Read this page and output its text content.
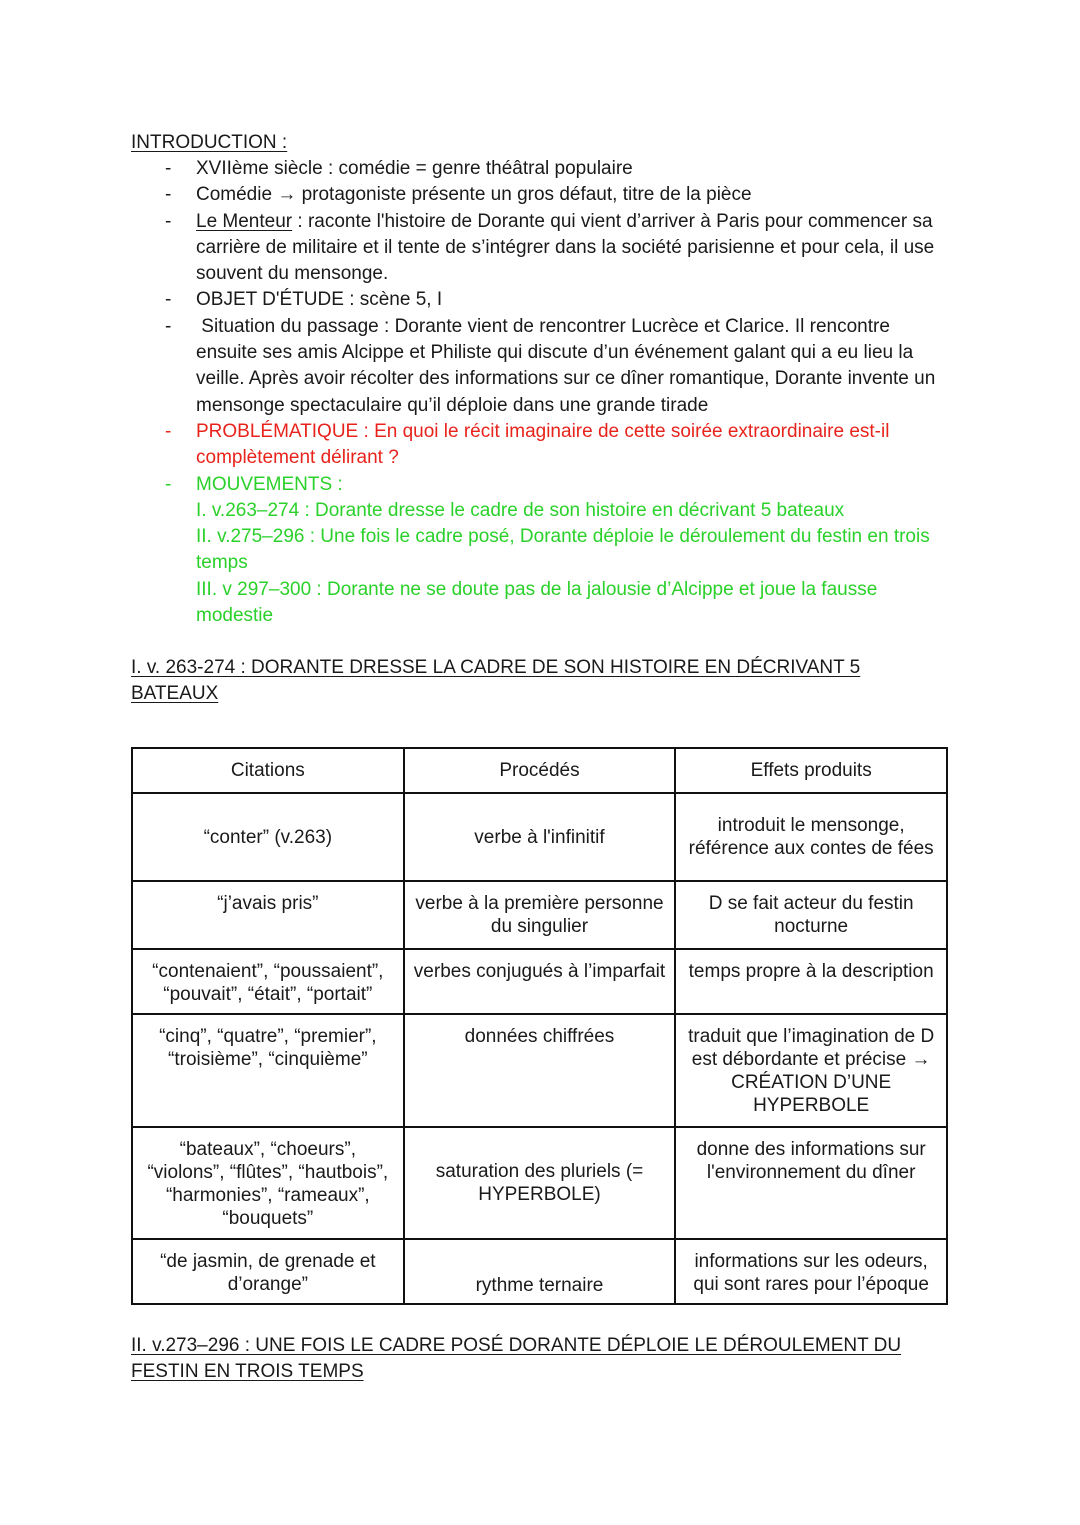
INTRODUCTION :

- XVIIème siècle : comédie = genre théâtral populaire
- Comédie → protagoniste présente un gros défaut, titre de la pièce
- Le Menteur : raconte l'histoire de Dorante qui vient d’arriver à Paris pour commencer sa carrière de militaire et il tente de s’intégrer dans la société parisienne et pour cela, il use souvent du mensonge.
- OBJET D'ÉTUDE : scène 5, I
- Situation du passage : Dorante vient de rencontrer Lucrèce et Clarice. Il rencontre ensuite ses amis Alcippe et Philiste qui discute d’un événement galant qui a eu lieu la veille. Après avoir récolter des informations sur ce dîner romantique, Dorante invente un mensonge spectaculaire qu’il déploie dans une grande tirade
- PROBLÉMATIQUE : En quoi le récit imaginaire de cette soirée extraordinaire est-il complètement délirant ?
- MOUVEMENTS :
I. v.263–274 : Dorante dresse le cadre de son histoire en décrivant 5 bateaux
II. v.275–296 : Une fois le cadre posé, Dorante déploie le déroulement du festin en trois temps
III. v 297–300 : Dorante ne se doute pas de la jalousie d’Alcippe et joue la fausse modestie

I. v. 263-274 : DORANTE DRESSE LA CADRE DE SON HISTOIRE EN DÉCRIVANT 5 BATEAUX

Citations	Procédés	Effets produits
“conter” (v.263)	verbe à l'infinitif	introduit le mensonge, référence aux contes de fées
“j’avais pris”	verbe à la première personne du singulier	D se fait acteur du festin nocturne
“contenaient”, “poussaient”, “pouvait”, “était”, “portait”	verbes conjugués à l’imparfait	temps propre à la description
“cinq”, “quatre”, “premier”, “troisième”, “cinquième”	données chiffrées	traduit que l’imagination de D est débordante et précise → CRÉATION D’UNE HYPERBOLE
“bateaux”, “choeurs”, “violons”, “flûtes”, “hautbois”, “harmonies”, “rameaux”, “bouquets”	saturation des pluriels (= HYPERBOLE)	donne des informations sur l'environnement du dîner
“de jasmin, de grenade et d’orange”	rythme ternaire	informations sur les odeurs, qui sont rares pour l’époque

II. v.273–296 : UNE FOIS LE CADRE POSÉ DORANTE DÉPLOIE LE DÉROULEMENT DU FESTIN EN TROIS TEMPS
